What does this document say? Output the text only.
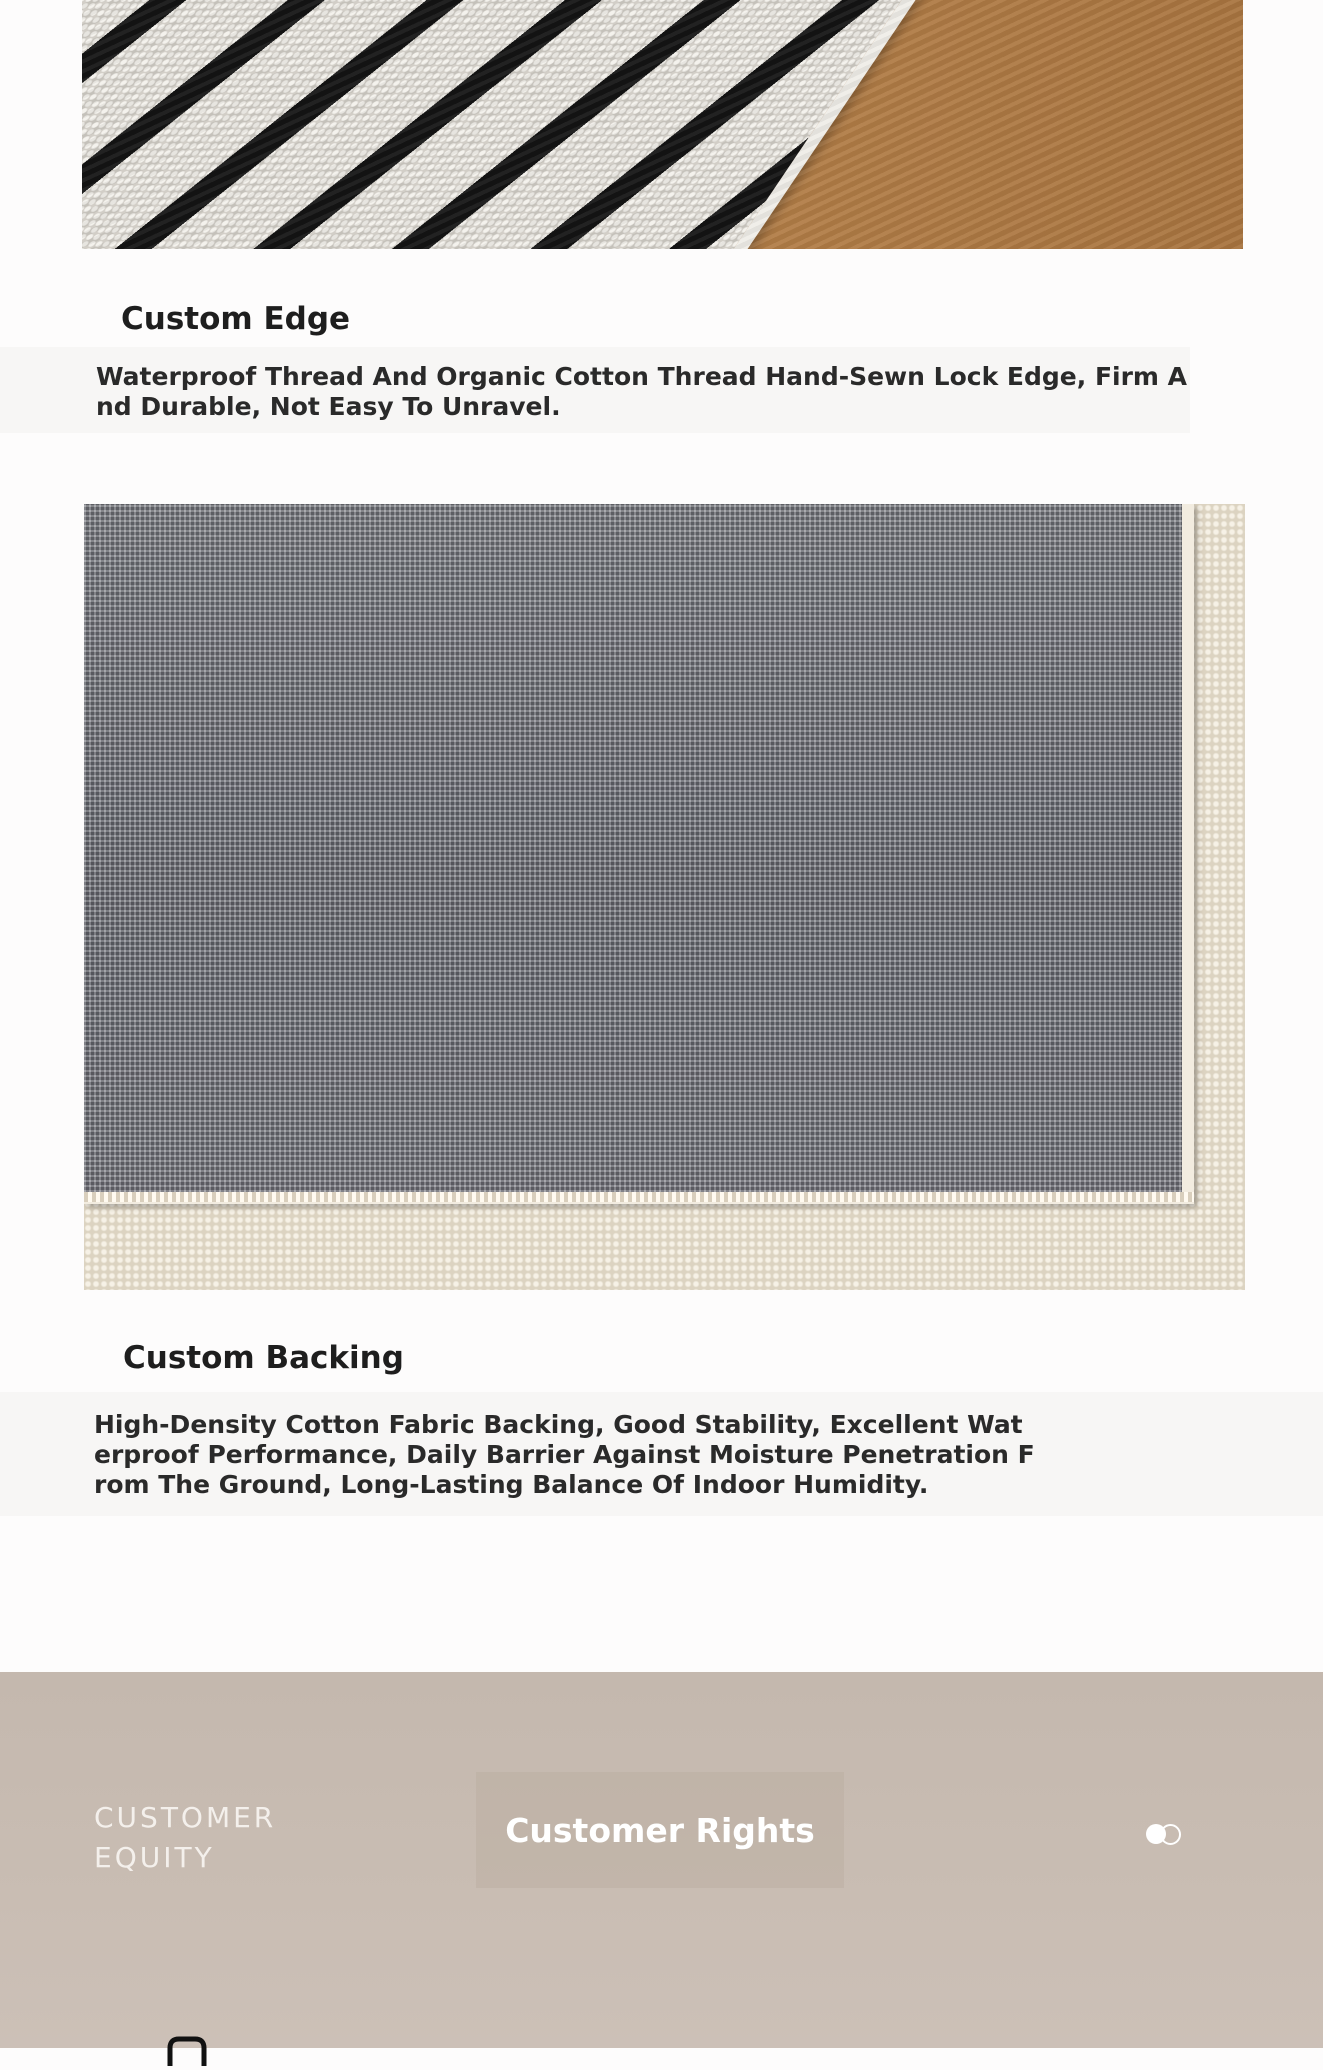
Custom Edge

Waterproof Thread And Organic Cotton Thread Hand-Sewn Lock Edge, Firm And Durable, Not Easy To Unravel.

Custom Backing

High-Density Cotton Fabric Backing, Good Stability, Excellent Waterproof Performance, Daily Barrier Against Moisture Penetration From The Ground, Long-Lasting Balance Of Indoor Humidity.

CUSTOMER
EQUITY
Customer Rights
